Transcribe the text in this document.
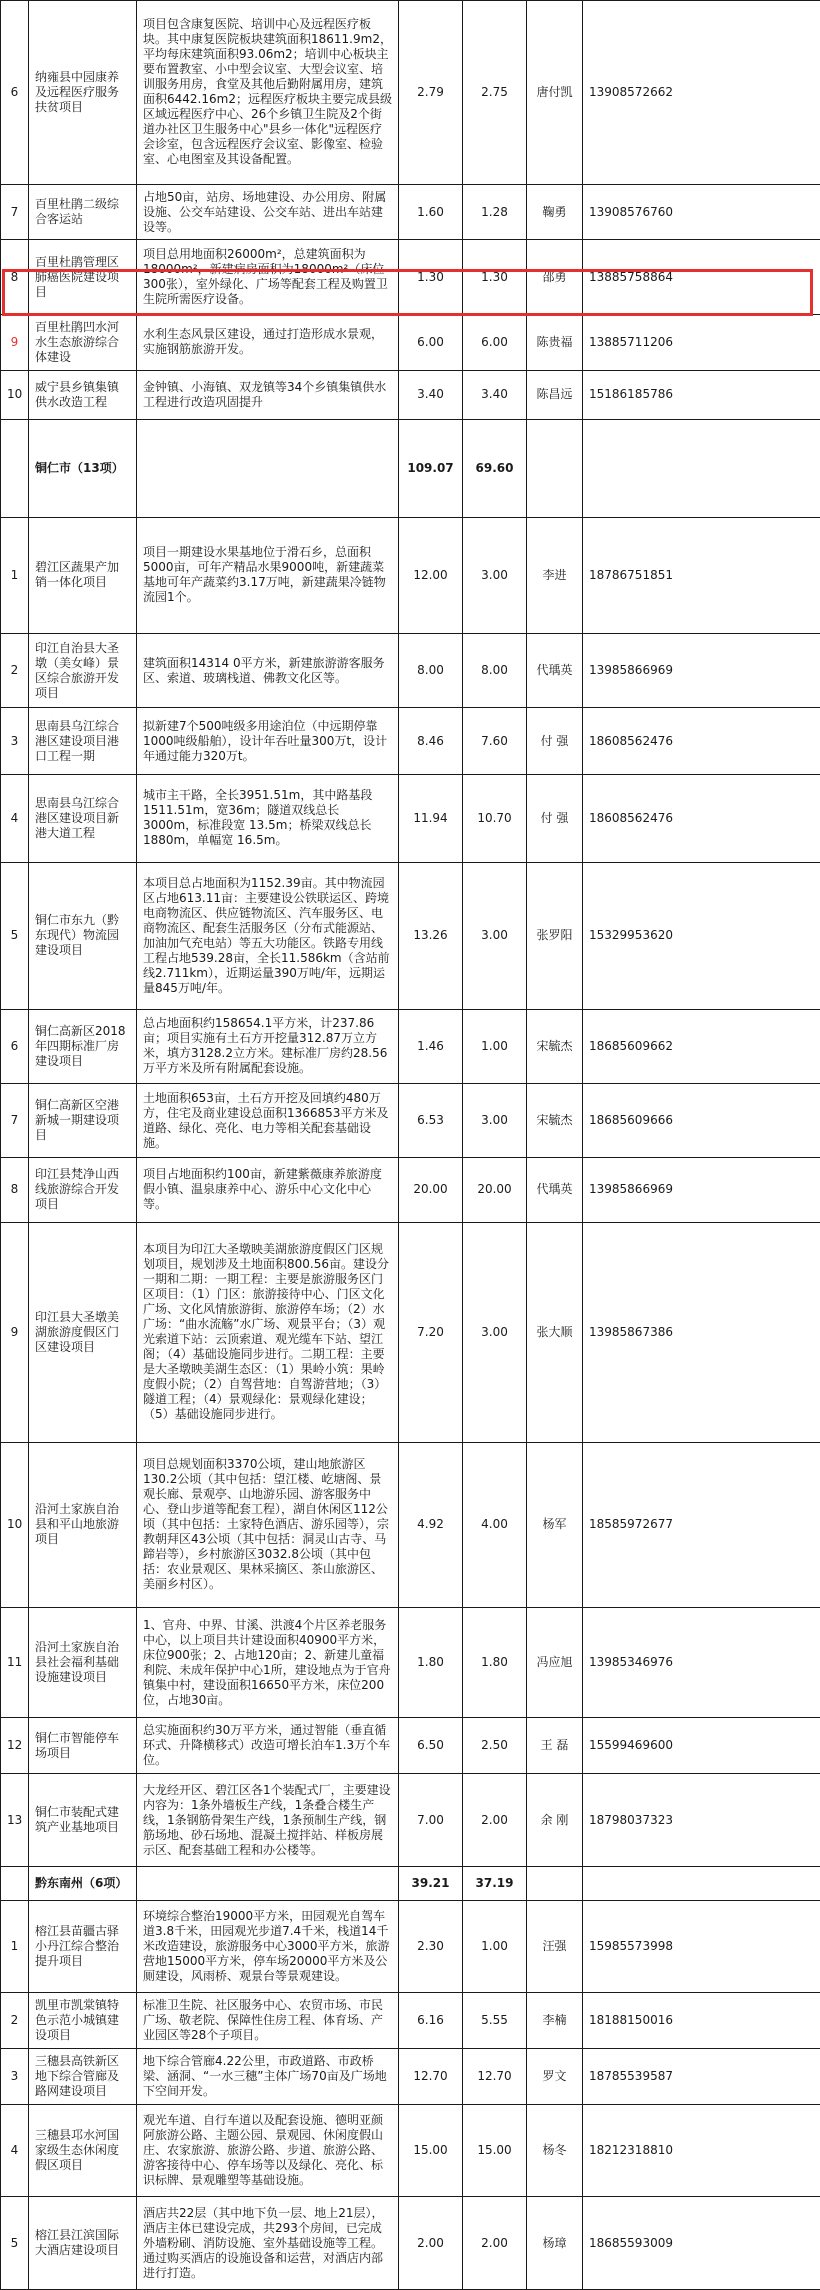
6	纳雍县中园康养及远程医疗服务扶贫项目	项目包含康复医院、培训中心及远程医疗板块。其中康复医院板块建筑面积18611.9m2，平均每床建筑面积93.06m2；培训中心板块主要布置教室、小中型会议室、大型会议室、培训服务用房，食堂及其他后勤附属用房，建筑面积6442.16m2；远程医疗板块主要完成县级区域远程医疗中心、26个乡镇卫生院及2个街道办社区卫生服务中心"县乡一体化"远程医疗会诊室，包含远程医疗会议室、影像室、检验室、心电图室及其设备配置。	2.79	2.75	唐付凯	13908572662
7	百里杜鹃二级综合客运站	占地50亩，站房、场地建设、办公用房、附属设施、公交车站建设、公交车站、进出车站建设等。	1.60	1.28	鞠勇	13908576760
8	百里杜鹃管理区肺癌医院建设项目	项目总用地面积26000m²，总建筑面积为18000m²，新建病房面积为18000m²（床位300张），室外绿化、广场等配套工程及购置卫生院所需医疗设备。	1.30	1.30	邵勇	13885758864
9	百里杜鹃凹水河水生态旅游综合体建设	水利生态风景区建设，通过打造形成水景观，实施钢筋旅游开发。	6.00	6.00	陈贵福	13885711206
10	威宁县乡镇集镇供水改造工程	金钟镇、小海镇、双龙镇等34个乡镇集镇供水工程进行改造巩固提升	3.40	3.40	陈昌远	15186185786
	铜仁市（13项）		109.07	69.60		
1	碧江区蔬果产加销一体化项目	项目一期建设水果基地位于滑石乡，总面积5000亩，可年产精品水果9000吨，新建蔬菜基地可年产蔬菜约3.17万吨，新建蔬果冷链物流园1个。	12.00	3.00	李进	18786751851
2	印江自治县大圣墩（美女峰）景区综合旅游开发项目	建筑面积14314 0平方米，新建旅游游客服务区、索道、玻璃栈道、佛教文化区等。	8.00	8.00	代瑀英	13985866969
3	思南县乌江综合港区建设项目港口工程一期	拟新建7个500吨级多用途泊位（中远期停靠1000吨级船舶），设计年吞吐量300万t，设计年通过能力320万t。	8.46	7.60	付 强	18608562476
4	思南县乌江综合港区建设项目新港大道工程	城市主干路，全长3951.51m，其中路基段 1511.51m，宽36m；隧道双线总长 3000m，标准段宽 13.5m；桥梁双线总长 1880m，单幅宽 16.5m。	11.94	10.70	付 强	18608562476
5	铜仁市东九（黔东现代）物流园建设项目	本项目总占地面积为1152.39亩。其中物流园区占地613.11亩：主要建设公铁联运区、跨境电商物流区、供应链物流区、汽车服务区、电商物流区、配套生活服务区（分布式能源站、加油加气充电站）等五大功能区。铁路专用线工程占地539.28亩，全长11.586km（含站前线2.711km），近期运量390万吨/年，远期运量845万吨/年。	13.26	3.00	张罗阳	15329953620
6	铜仁高新区2018年四期标准厂房建设项目	总占地面积约158654.1平方米，计237.86亩；项目实施有土石方开挖量312.87万立方米，填方3128.2立方米。建标准厂房约28.56万平方米及所有附属配套设施。	1.46	1.00	宋毓杰	18685609662
7	铜仁高新区空港新城一期建设项目	土地面积653亩，土石方开挖及回填约480万方，住宅及商业建设总面积1366853平方米及道路、绿化、亮化、电力等相关配套基础设施。	6.53	3.00	宋毓杰	18685609666
8	印江县梵净山西线旅游综合开发项目	项目占地面积约100亩，新建紫薇康养旅游度假小镇、温泉康养中心、游乐中心文化中心等。	20.00	20.00	代瑀英	13985866969
9	印江县大圣墩美湖旅游度假区门区建设项目	本项目为印江大圣墩映美湖旅游度假区门区规划项目，规划涉及土地面积800.56亩。建设分一期和二期：一期工程：主要是旅游服务区门区项目：（1）门区：旅游接待中心、门区文化广场、文化风情旅游街、旅游停车场；（2）水广场：“曲水流觞”水广场、观景平台；（3）观光索道下站：云顶索道、观光缆车下站、望江阁；（4）基础设施同步进行。二期工程：主要是大圣墩映美湖生态区：（1）果岭小筑：果岭度假小院；（2）自驾营地：自驾游营地；（3）隧道工程；（4）景观绿化：景观绿化建设；（5）基础设施同步进行。	7.20	3.00	张大顺	13985867386
10	沿河土家族自治县和平山地旅游项目	项目总规划面积3370公顷，建山地旅游区130.2公顷（其中包括：望江楼、屹塘阁、景观长廊、景观亭、山地游乐园、游客服务中心、登山步道等配套工程），湖自休闲区112公顷（其中包括：土家特色酒店、游乐园等），宗教朝拜区43公顷（其中包括：洞灵山古寺、马蹄岩等），乡村旅游区3032.8公顷（其中包括：农业景观区、果林采摘区、茶山旅游区、美丽乡村区）。	4.92	4.00	杨军	18585972677
11	沿河土家族自治县社会福利基础设施建设项目	1、官舟、中界、甘溪、洪渡4个片区养老服务中心，以上项目共计建设面积40900平方米，床位900张；2、占地120亩；2、新建儿童福利院、未成年保护中心1所，建设地点为于官舟镇集中村，建设面积16650平方米，床位200位，占地30亩。	1.80	1.80	冯应旭	13985346976
12	铜仁市智能停车场项目	总实施面积约30万平方米，通过智能（垂直循环式、升降横移式）改造可增长泊车1.3万个车位。	6.50	2.50	王 磊	15599469600
13	铜仁市装配式建筑产业基地项目	大龙经开区、碧江区各1个装配式厂，主要建设内容为：1条外墙板生产线，1条叠合楼生产线，1条钢筋骨架生产线，1条预制生产线，钢筋场地、砂石场地、混凝土搅拌站、样板房展示区、配套基础工程和办公楼等。	7.00	2.00	余 刚	18798037323
	黔东南州（6项）		39.21	37.19		
1	榕江县苗疆古驿小丹江综合整治提升项目	环境综合整治19000平方米，田园观光自驾车道3.8千米，田园观光步道7.4千米，栈道14千米改造建设，旅游服务中心3000平方米，旅游营地15000平方米，停车场20000平方米及公厕建设，风雨桥、观景台等景观建设。	2.30	1.00	汪强	15985573998
2	凯里市凯棠镇特色示范小城镇建设项目	标准卫生院、社区服务中心、农贸市场、市民广场、敬老院、保障性住房工程、体育场、产业园区等28个子项目。	6.16	5.55	李楠	18188150016
3	三穗县高铁新区地下综合管廊及路网建设项目	地下综合管廊4.22公里，市政道路、市政桥梁、涵洞、“一水三穗”主体广场70亩及广场地下空间开发。	12.70	12.70	罗文	18785539587
4	三穗县邛水河国家级生态休闲度假区项目	观光车道、自行车道以及配套设施、德明亚颜阿旅游公路、主题公园、景观园、休闲度假山庄、农家旅游、旅游公路、步道、旅游公路、游客接待中心、停车场等以及绿化、亮化、标识标牌、景观雕塑等基础设施。	15.00	15.00	杨冬	18212318810
5	榕江县江滨国际大酒店建设项目	酒店共22层（其中地下负一层、地上21层），酒店主体已建设完成，共293个房间，已完成外墙粉刷、消防设施、室外基础设施等工程。通过购买酒店的设施设备和运营，对酒店内部进行打造。	2.00	2.00	杨璋	18685593009
